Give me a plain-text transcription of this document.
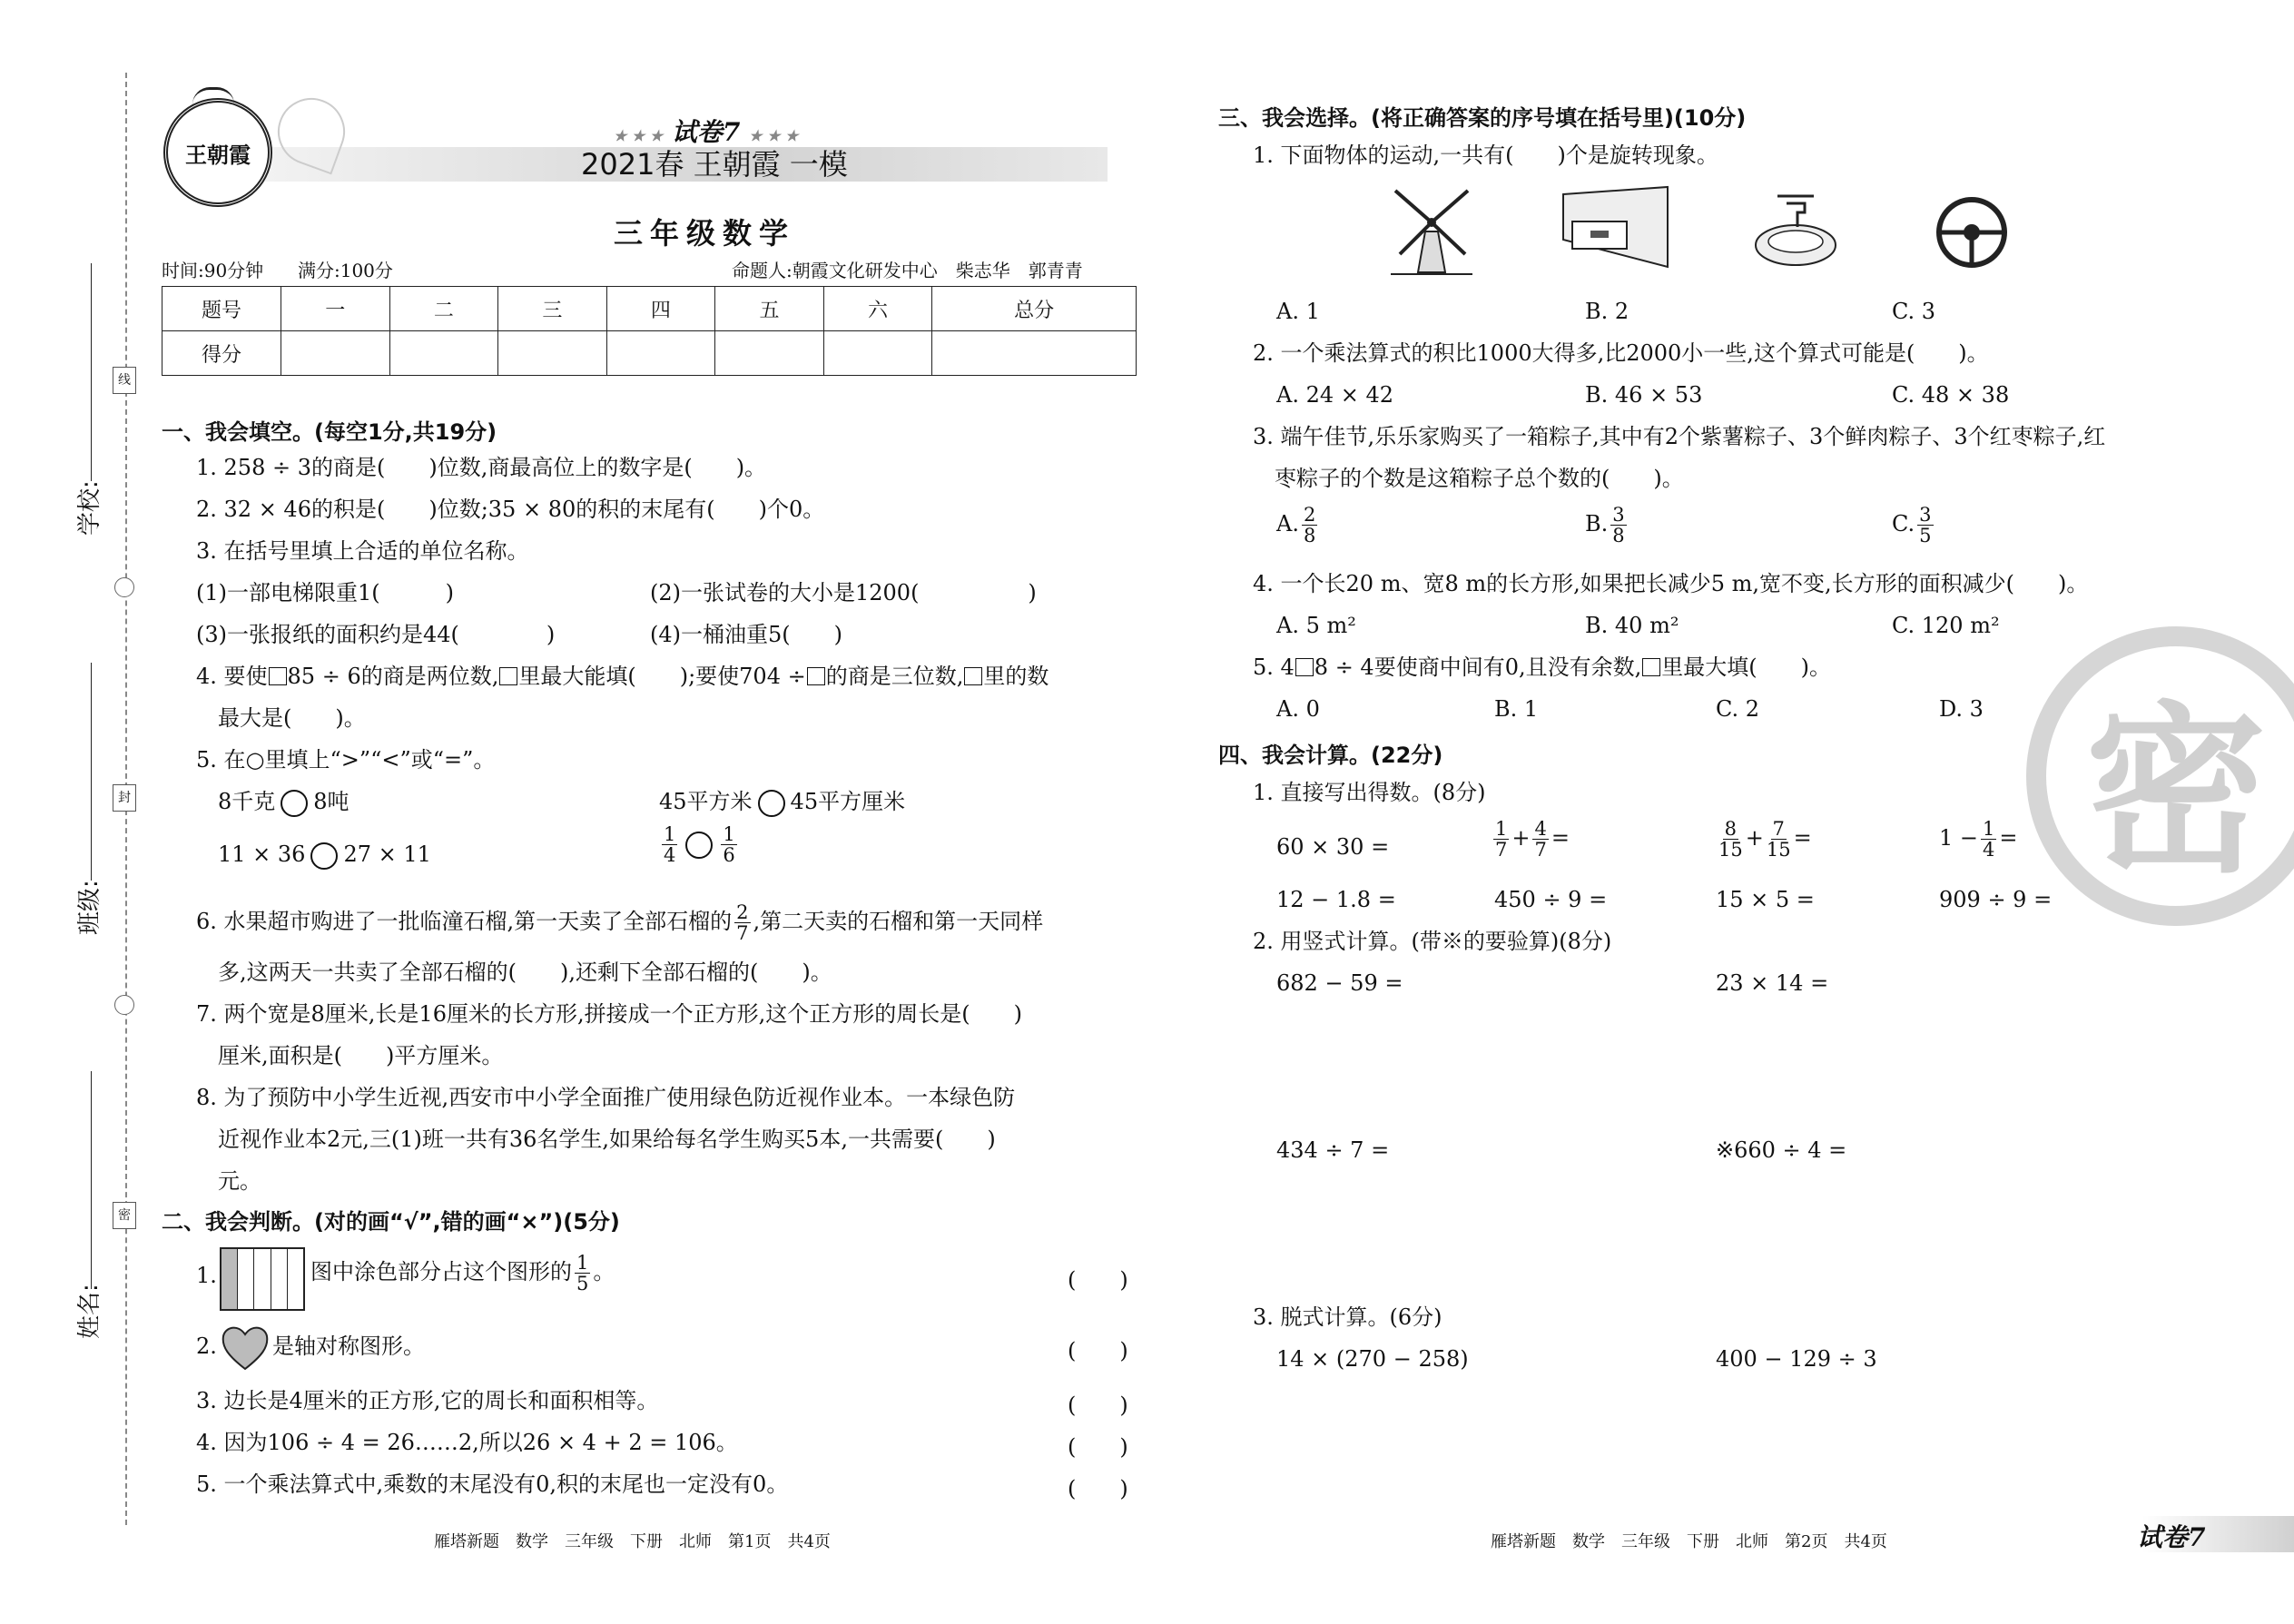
学校:
班级:
姓名:
线
封
密
王朝霞
★ ★ ★ 试卷7 ★ ★ ★
2021春 王朝霞 一模
三年级数学
时间:90分钟 满分:100分	命题人:朝霞文化研发中心　柴志华　郭青青
题号	一	二	三	四	五	六	总分
得分							
一、我会填空。(每空1分,共19分)
1. 258 ÷ 3的商是(　　)位数,商最高位上的数字是(　　)。
2. 32 × 46的积是(　　)位数;35 × 80的积的末尾有(　　)个0。
3. 在括号里填上合适的单位名称。
(1)一部电梯限重1(　　　)	(2)一张试卷的大小是1200(　　　　　)
(3)一张报纸的面积约是44(　　　　)	(4)一桶油重5(　　)
4. 要使 85 ÷ 6的商是两位数, 里最大能填(　　);要使704 ÷ 的商是三位数, 里的数
最大是(　　)。
5. 在○里填上“>”“<”或“=”。
8千克 8吨	45平方米 45平方厘米
11 × 36 27 × 11	$\frac{1}{4} \frac{1}{6}$
6. 水果超市购进了一批临潼石榴,第一天卖了全部石榴的 $\frac{2}{7}$ ,第二天卖的石榴和第一天同样
多,这两天一共卖了全部石榴的(　　),还剩下全部石榴的(　　)。
7. 两个宽是8厘米,长是16厘米的长方形,拼接成一个正方形,这个正方形的周长是(　　)
厘米,面积是(　　)平方厘米。
8. 为了预防中小学生近视,西安市中小学全面推广使用绿色防近视作业本。一本绿色防
近视作业本2元,三(1)班一共有36名学生,如果给每名学生购买5本,一共需要(　　)
元。
二、我会判断。(对的画“√”,错的画“×”)(5分)
1.	图中涂色部分占这个图形的 $\frac{1}{5}$ 。	(　　)
2.	是轴对称图形。	(　　)
3. 边长是4厘米的正方形,它的周长和面积相等。	(　　)
4. 因为106 ÷ 4 = 26……2,所以26 × 4 + 2 = 106。	(　　)
5. 一个乘法算式中,乘数的末尾没有0,积的末尾也一定没有0。	(　　)
三、我会选择。(将正确答案的序号填在括号里)(10分)
1. 下面物体的运动,一共有(　　)个是旋转现象。
A. 1	B. 2	C. 3
2. 一个乘法算式的积比1000大得多,比2000小一些,这个算式可能是(　　)。
A. 24 × 42	B. 46 × 53	C. 48 × 38
3. 端午佳节,乐乐家购买了一箱粽子,其中有2个紫薯粽子、3个鲜肉粽子、3个红枣粽子,红
枣粽子的个数是这箱粽子总个数的(　　)。
A. $\frac{2}{8}$	B. $\frac{3}{8}$	C. $\frac{3}{5}$
4. 一个长20 m、宽8 m的长方形,如果把长减少5 m,宽不变,长方形的面积减少(　　)。
A. 5 m²	B. 40 m²	C. 120 m²
5. 4 8 ÷ 4要使商中间有0,且没有余数, 里最大填(　　)。
A. 0	B. 1	C. 2	D. 3 密
四、我会计算。(22分)
1. 直接写出得数。(8分)
60 × 30 =	$\frac{1}{7} + \frac{4}{7}$ =	$\frac{8}{15} + \frac{7}{15}$ =	$1 - \frac{1}{4}$ =
12 − 1.8 =	450 ÷ 9 =	15 × 5 =	909 ÷ 9 =
2. 用竖式计算。(带※的要验算)(8分)
682 − 59 =	23 × 14 =
434 ÷ 7 =	※660 ÷ 4 =
3. 脱式计算。(6分)
14 × (270 − 258)	400 − 129 ÷ 3
雁塔新题　数学　三年级　下册　北师　第1页　共4页	雁塔新题　数学　三年级　下册　北师　第2页　共4页	试卷7
